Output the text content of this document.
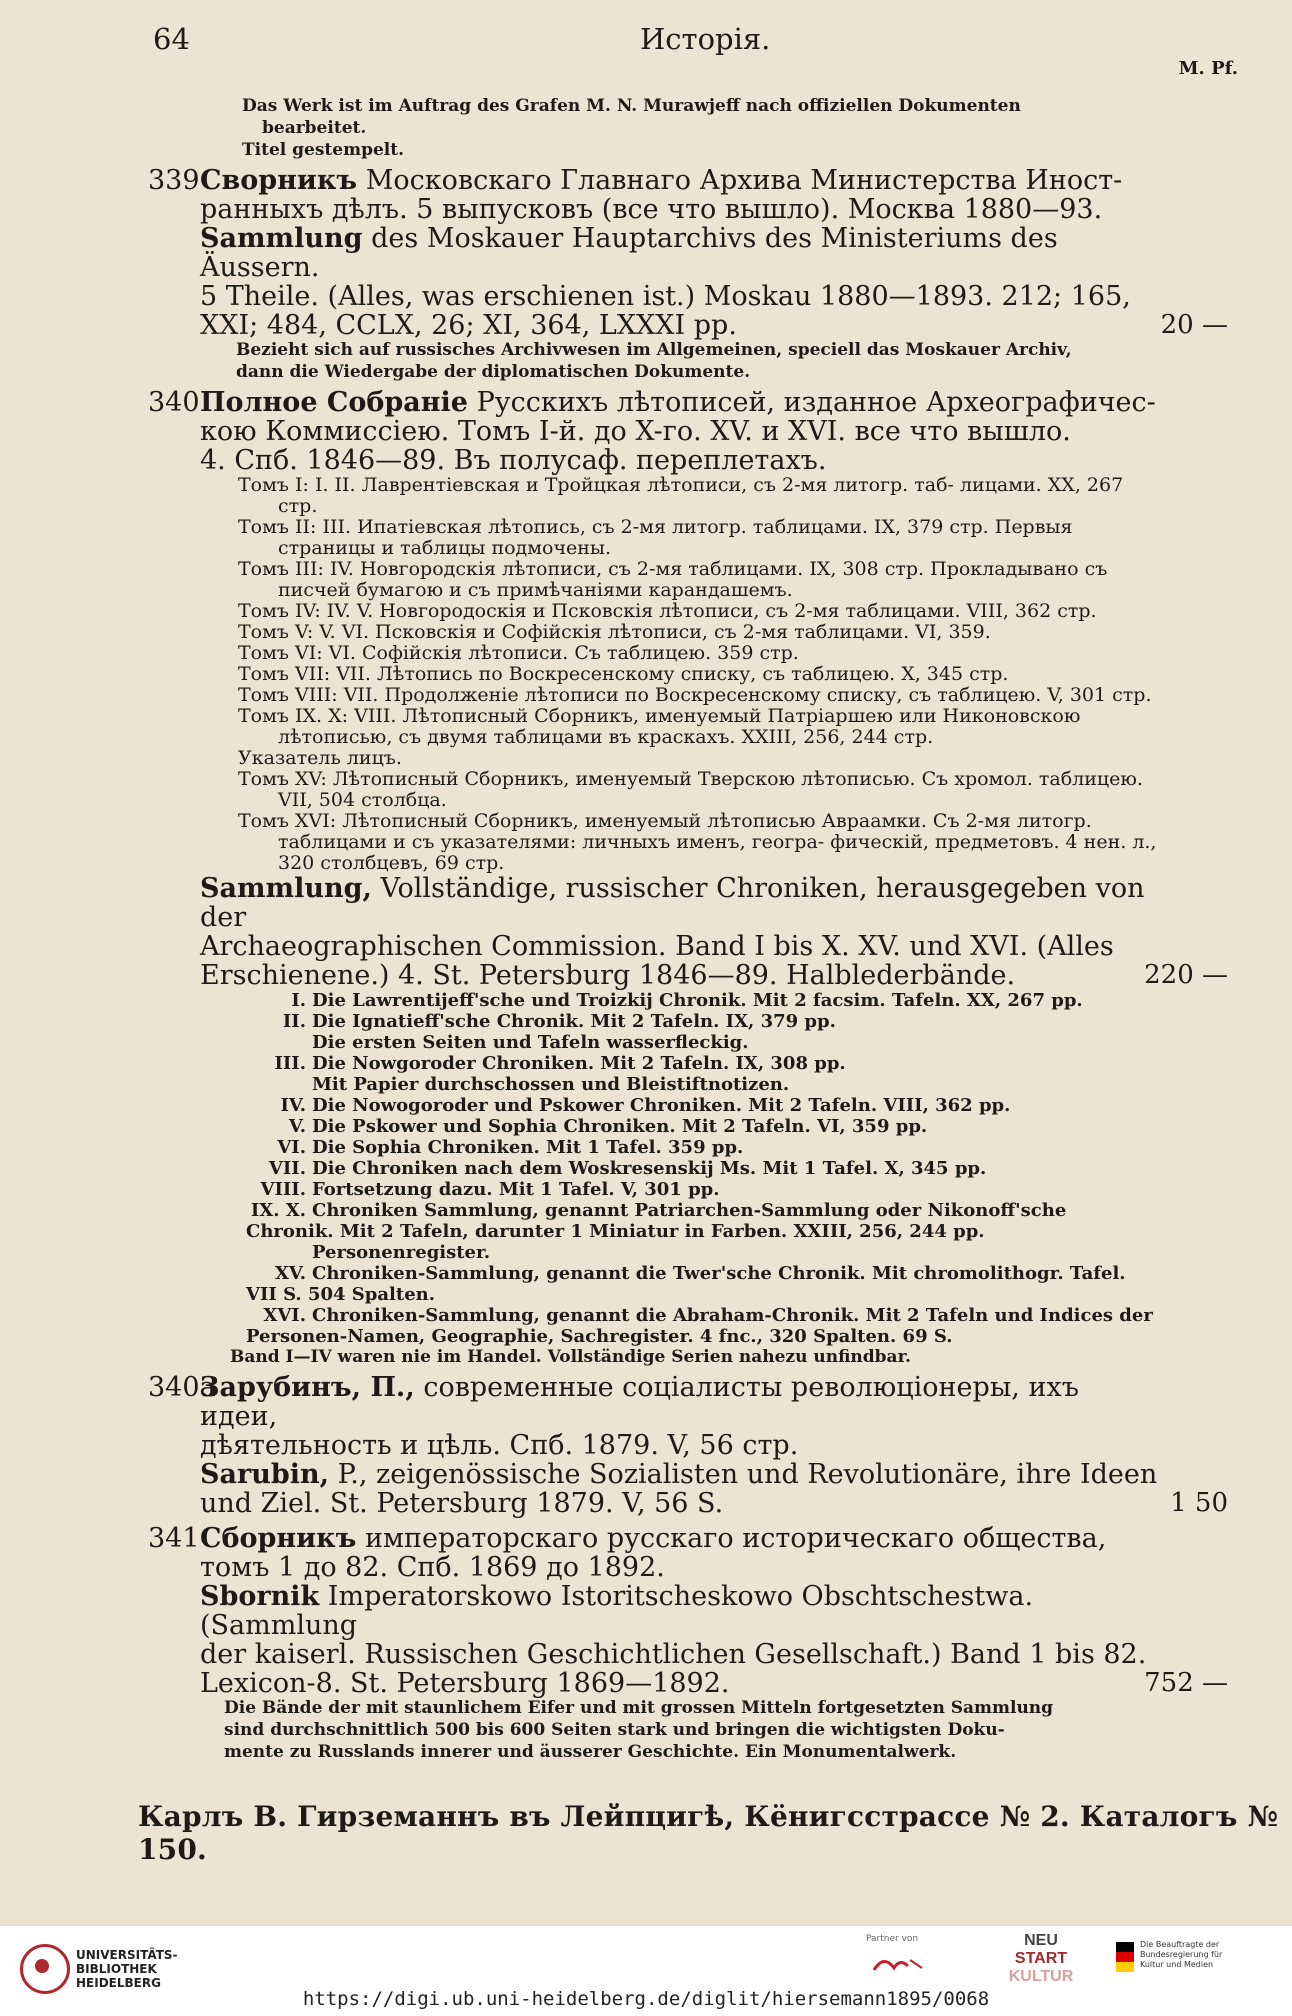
64	Исторія.
M. Pf.
Das Werk ist im Auftrag des Grafen M. N. Murawjeff nach offiziellen Dokumenten
bearbeitet.
Titel gestempelt.
339 Сворникъ Московскаго Главнаго Архива Министерства Иност-
ранныхъ дѣлъ. 5 выпусковъ (все что вышло). Москва 1880—93.
Sammlung des Moskauer Hauptarchivs des Ministeriums des Äussern.
5 Theile. (Alles, was erschienen ist.) Moskau 1880—1893. 212; 165,
XXI; 484, CCLX, 26; XI, 364, LXXXI pp.	20 —
Bezieht sich auf russisches Archivwesen im Allgemeinen, speciell das Moskauer Archiv,
dann die Wiedergabe der diplomatischen Dokumente.
340 Полное Собраніе Русскихъ лѣтописей, изданное Археографичес-
кою Коммиссіею. Томъ I-й. до X-го. XV. и XVI. все что вышло.
4. Спб. 1846—89. Въ полусаф. переплетахъ.
Томъ I: I. II. Лаврентіевская и Тройцкая лѣтописи, съ 2-мя литогр. таб- лицами. XX, 267 стр.
Томъ II: III. Ипатіевская лѣтопись, съ 2-мя литогр. таблицами. IX, 379 стр. Первыя страницы и таблицы подмочены.
Томъ III: IV. Новгородскія лѣтописи, съ 2-мя таблицами. IX, 308 стр. Прокладывано съ писчей бумагою и съ примѣчаніями карандашемъ.
Томъ IV: IV. V. Новгородоскія и Псковскія лѣтописи, съ 2-мя таблицами. VIII, 362 стр.
Томъ V: V. VI. Псковскія и Софійскія лѣтописи, съ 2-мя таблицами. VI, 359.
Томъ VI: VI. Софійскія лѣтописи. Съ таблицею. 359 стр.
Томъ VII: VII. Лѣтопись по Воскресенскому списку, съ таблицею. X, 345 стр.
Томъ VIII: VII. Продолженіе лѣтописи по Воскресенскому списку, съ таблицею. V, 301 стр.
Томъ IX. X: VIII. Лѣтописный Сборникъ, именуемый Патріаршею или Никоновскою лѣтописью, съ двумя таблицами въ краскахъ. XXIII, 256, 244 стр.
Указатель лицъ.
Томъ XV: Лѣтописный Сборникъ, именуемый Тверскою лѣтописью. Съ хромол. таблицею. VII, 504 столбца.
Томъ XVI: Лѣтописный Сборникъ, именуемый лѣтописью Авраамки. Съ 2-мя литогр. таблицами и съ указателями: личныхъ именъ, геогра- фическій, предметовъ. 4 нен. л., 320 столбцевъ, 69 стр.
Sammlung, Vollständige, russischer Chroniken, herausgegeben von der
Archaeographischen Commission. Band I bis X. XV. und XVI. (Alles
Erschienene.) 4. St. Petersburg 1846—89. Halblederbände.	220 —
I. Die Lawrentijeff'sche und Troizkij Chronik. Mit 2 facsim. Tafeln. XX, 267 pp.
II. Die Ignatieff'sche Chronik. Mit 2 Tafeln. IX, 379 pp.
Die ersten Seiten und Tafeln wasserfleckig.
III. Die Nowgoroder Chroniken. Mit 2 Tafeln. IX, 308 pp.
Mit Papier durchschossen und Bleistiftnotizen.
IV. Die Nowogoroder und Pskower Chroniken. Mit 2 Tafeln. VIII, 362 pp.
V. Die Pskower und Sophia Chroniken. Mit 2 Tafeln. VI, 359 pp.
VI. Die Sophia Chroniken. Mit 1 Tafel. 359 pp.
VII. Die Chroniken nach dem Woskresenskij Ms. Mit 1 Tafel. X, 345 pp.
VIII. Fortsetzung dazu. Mit 1 Tafel. V, 301 pp.
IX. X. Chroniken Sammlung, genannt Patriarchen-Sammlung oder Nikonoff'sche Chronik. Mit 2 Tafeln, darunter 1 Miniatur in Farben. XXIII, 256, 244 pp.
Personenregister.
XV. Chroniken-Sammlung, genannt die Twer'sche Chronik. Mit chromolithogr. Tafel. VII S. 504 Spalten.
XVI. Chroniken-Sammlung, genannt die Abraham-Chronik. Mit 2 Tafeln und Indices der Personen-Namen, Geographie, Sachregister. 4 fnc., 320 Spalten. 69 S.
Band I—IV waren nie im Handel. Vollständige Serien nahezu unfindbar.
340a
Зарубинъ, П., современные соціалисты революціонеры, ихъ идеи,
дѣятельность и цѣль. Спб. 1879. V, 56 стр.
Sarubin, P., zeigenössische Sozialisten und Revolutionäre, ihre Ideen
und Ziel. St. Petersburg 1879. V, 56 S.	1 50
341 Сборникъ императорскаго русскаго историческаго общества,
томъ 1 до 82. Спб. 1869 до 1892.
Sbornik Imperatorskowo Istoritscheskowo Obschtschestwa. (Sammlung
der kaiserl. Russischen Geschichtlichen Gesellschaft.) Band 1 bis 82.
Lexicon-8. St. Petersburg 1869—1892.	752 —
Die Bände der mit staunlichem Eifer und mit grossen Mitteln fortgesetzten Sammlung
sind durchschnittlich 500 bis 600 Seiten stark und bringen die wichtigsten Doku-
mente zu Russlands innerer und äusserer Geschichte. Ein Monumentalwerk.
Карлъ В. Гирземаннъ въ Лейпцигѣ, Кёнигсстрассе № 2. Каталогъ № 150.
UNIVERSITÄTS-
BIBLIOTHEK
HEIDELBERG
https://digi.ub.uni-heidelberg.de/diglit/hiersemann1895/0068
Partner von	NEU
START
KULTUR
Die Beauftragte der Bundesregierung für Kultur und Medien
